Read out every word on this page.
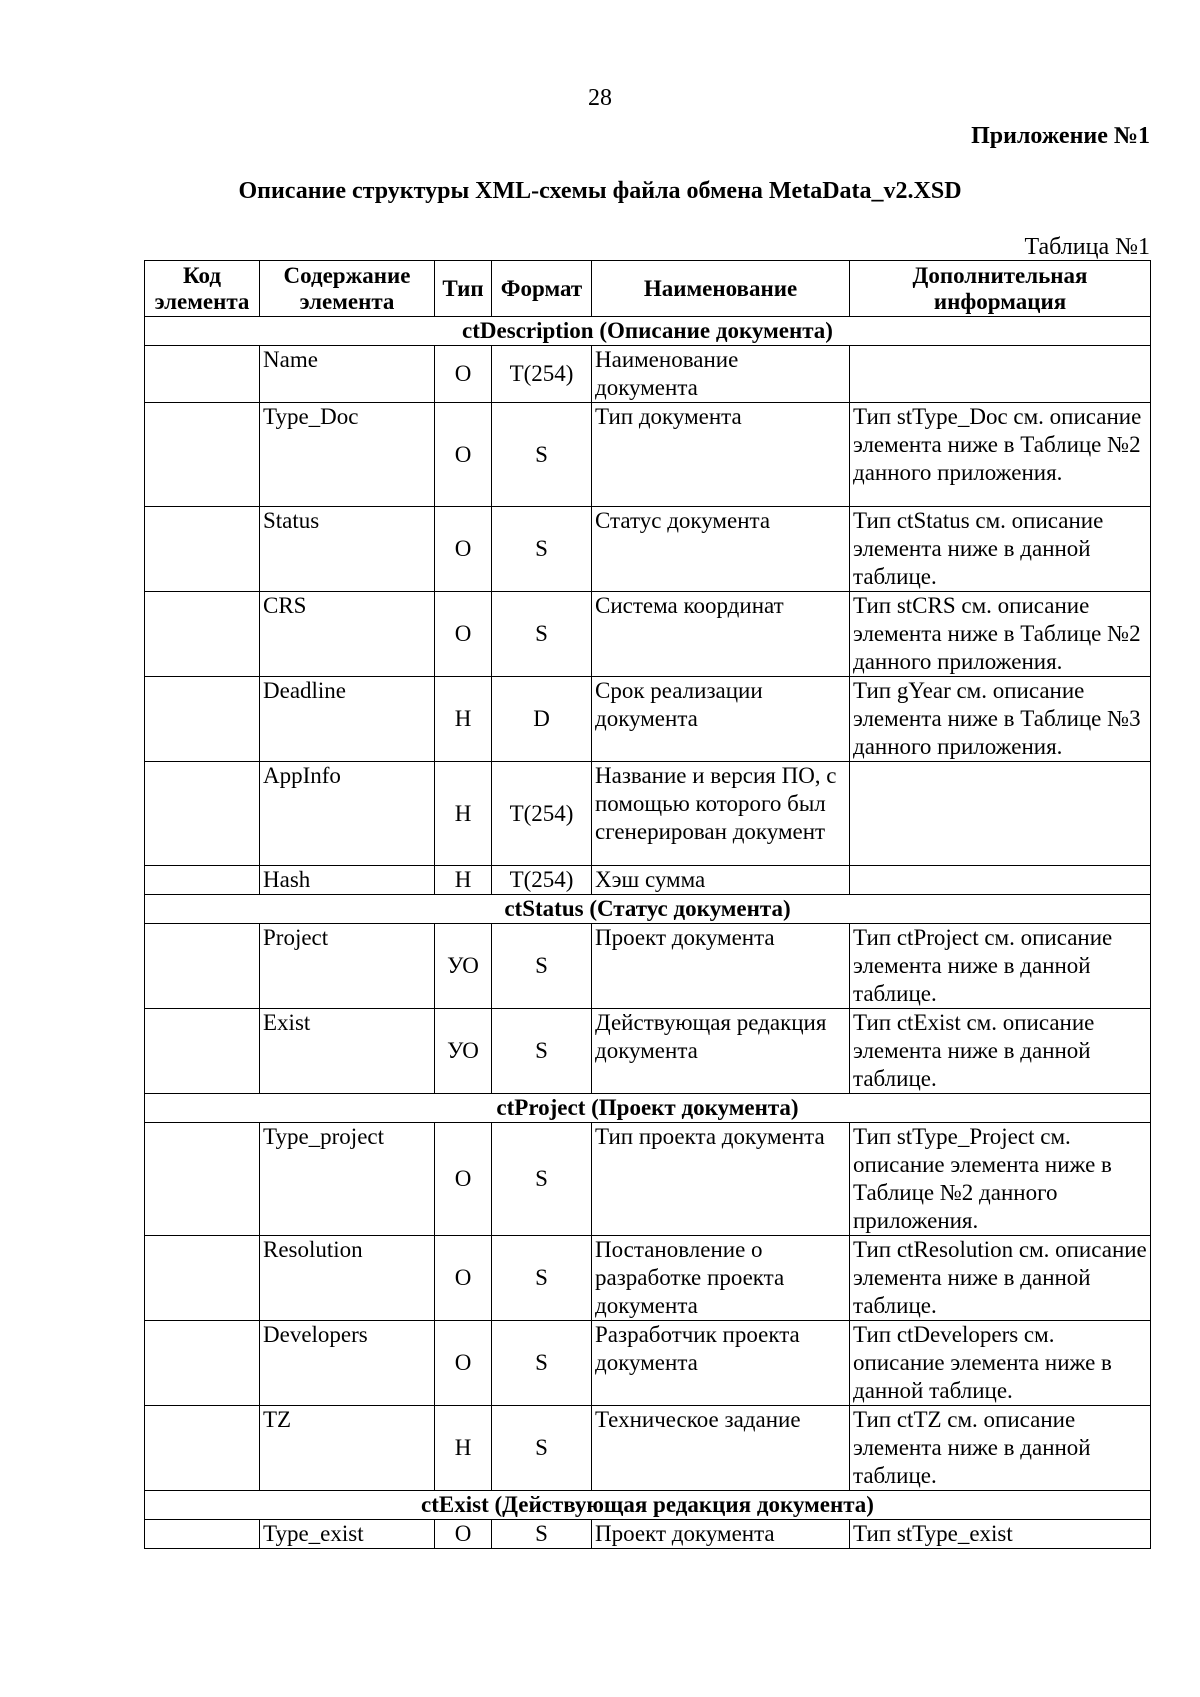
28
Приложение №1
Описание структуры XML-схемы файла обмена MetaData_v2.XSD
Таблица №1
Код элемента	Содержание элемента	Тип	Формат	Наименование	Дополнительная информация
ctDescription (Описание документа)					
	Name	О	T(254)	Наименование документа	
	Type_Doc	О	S	Тип документа	Тип stType_Doc см. описание элемента ниже в Таблице №2 данного приложения.
	Status	О	S	Статус документа	Тип ctStatus см. описание элемента ниже в данной таблице.
	CRS	О	S	Система координат	Тип stCRS см. описание элемента ниже в Таблице №2 данного приложения.
	Deadline	Н	D	Срок реализации документа	Тип gYear см. описание элемента ниже в Таблице №3 данного приложения.
	AppInfo	Н	T(254)	Название и версия ПО, с помощью которого был сгенерирован документ	
	Hash	Н	T(254)	Хэш сумма	
ctStatus (Статус документа)					
	Project	УО	S	Проект документа	Тип ctProject см. описание элемента ниже в данной таблице.
	Exist	УО	S	Действующая редакция документа	Тип ctExist см. описание элемента ниже в данной таблице.
ctProject (Проект документа)					
	Type_project	О	S	Тип проекта документа	Тип stType_Project см. описание элемента ниже в Таблице №2 данного приложения.
	Resolution	О	S	Постановление о разработке проекта документа	Тип ctResolution см. описание элемента ниже в данной таблице.
	Developers	О	S	Разработчик проекта документа	Тип ctDevelopers см. описание элемента ниже в данной таблице.
	TZ	Н	S	Техническое задание	Тип ctTZ см. описание элемента ниже в данной таблице.
ctExist (Действующая редакция документа)					
	Type_exist	О	S	Проект документа	Тип stType_exist
